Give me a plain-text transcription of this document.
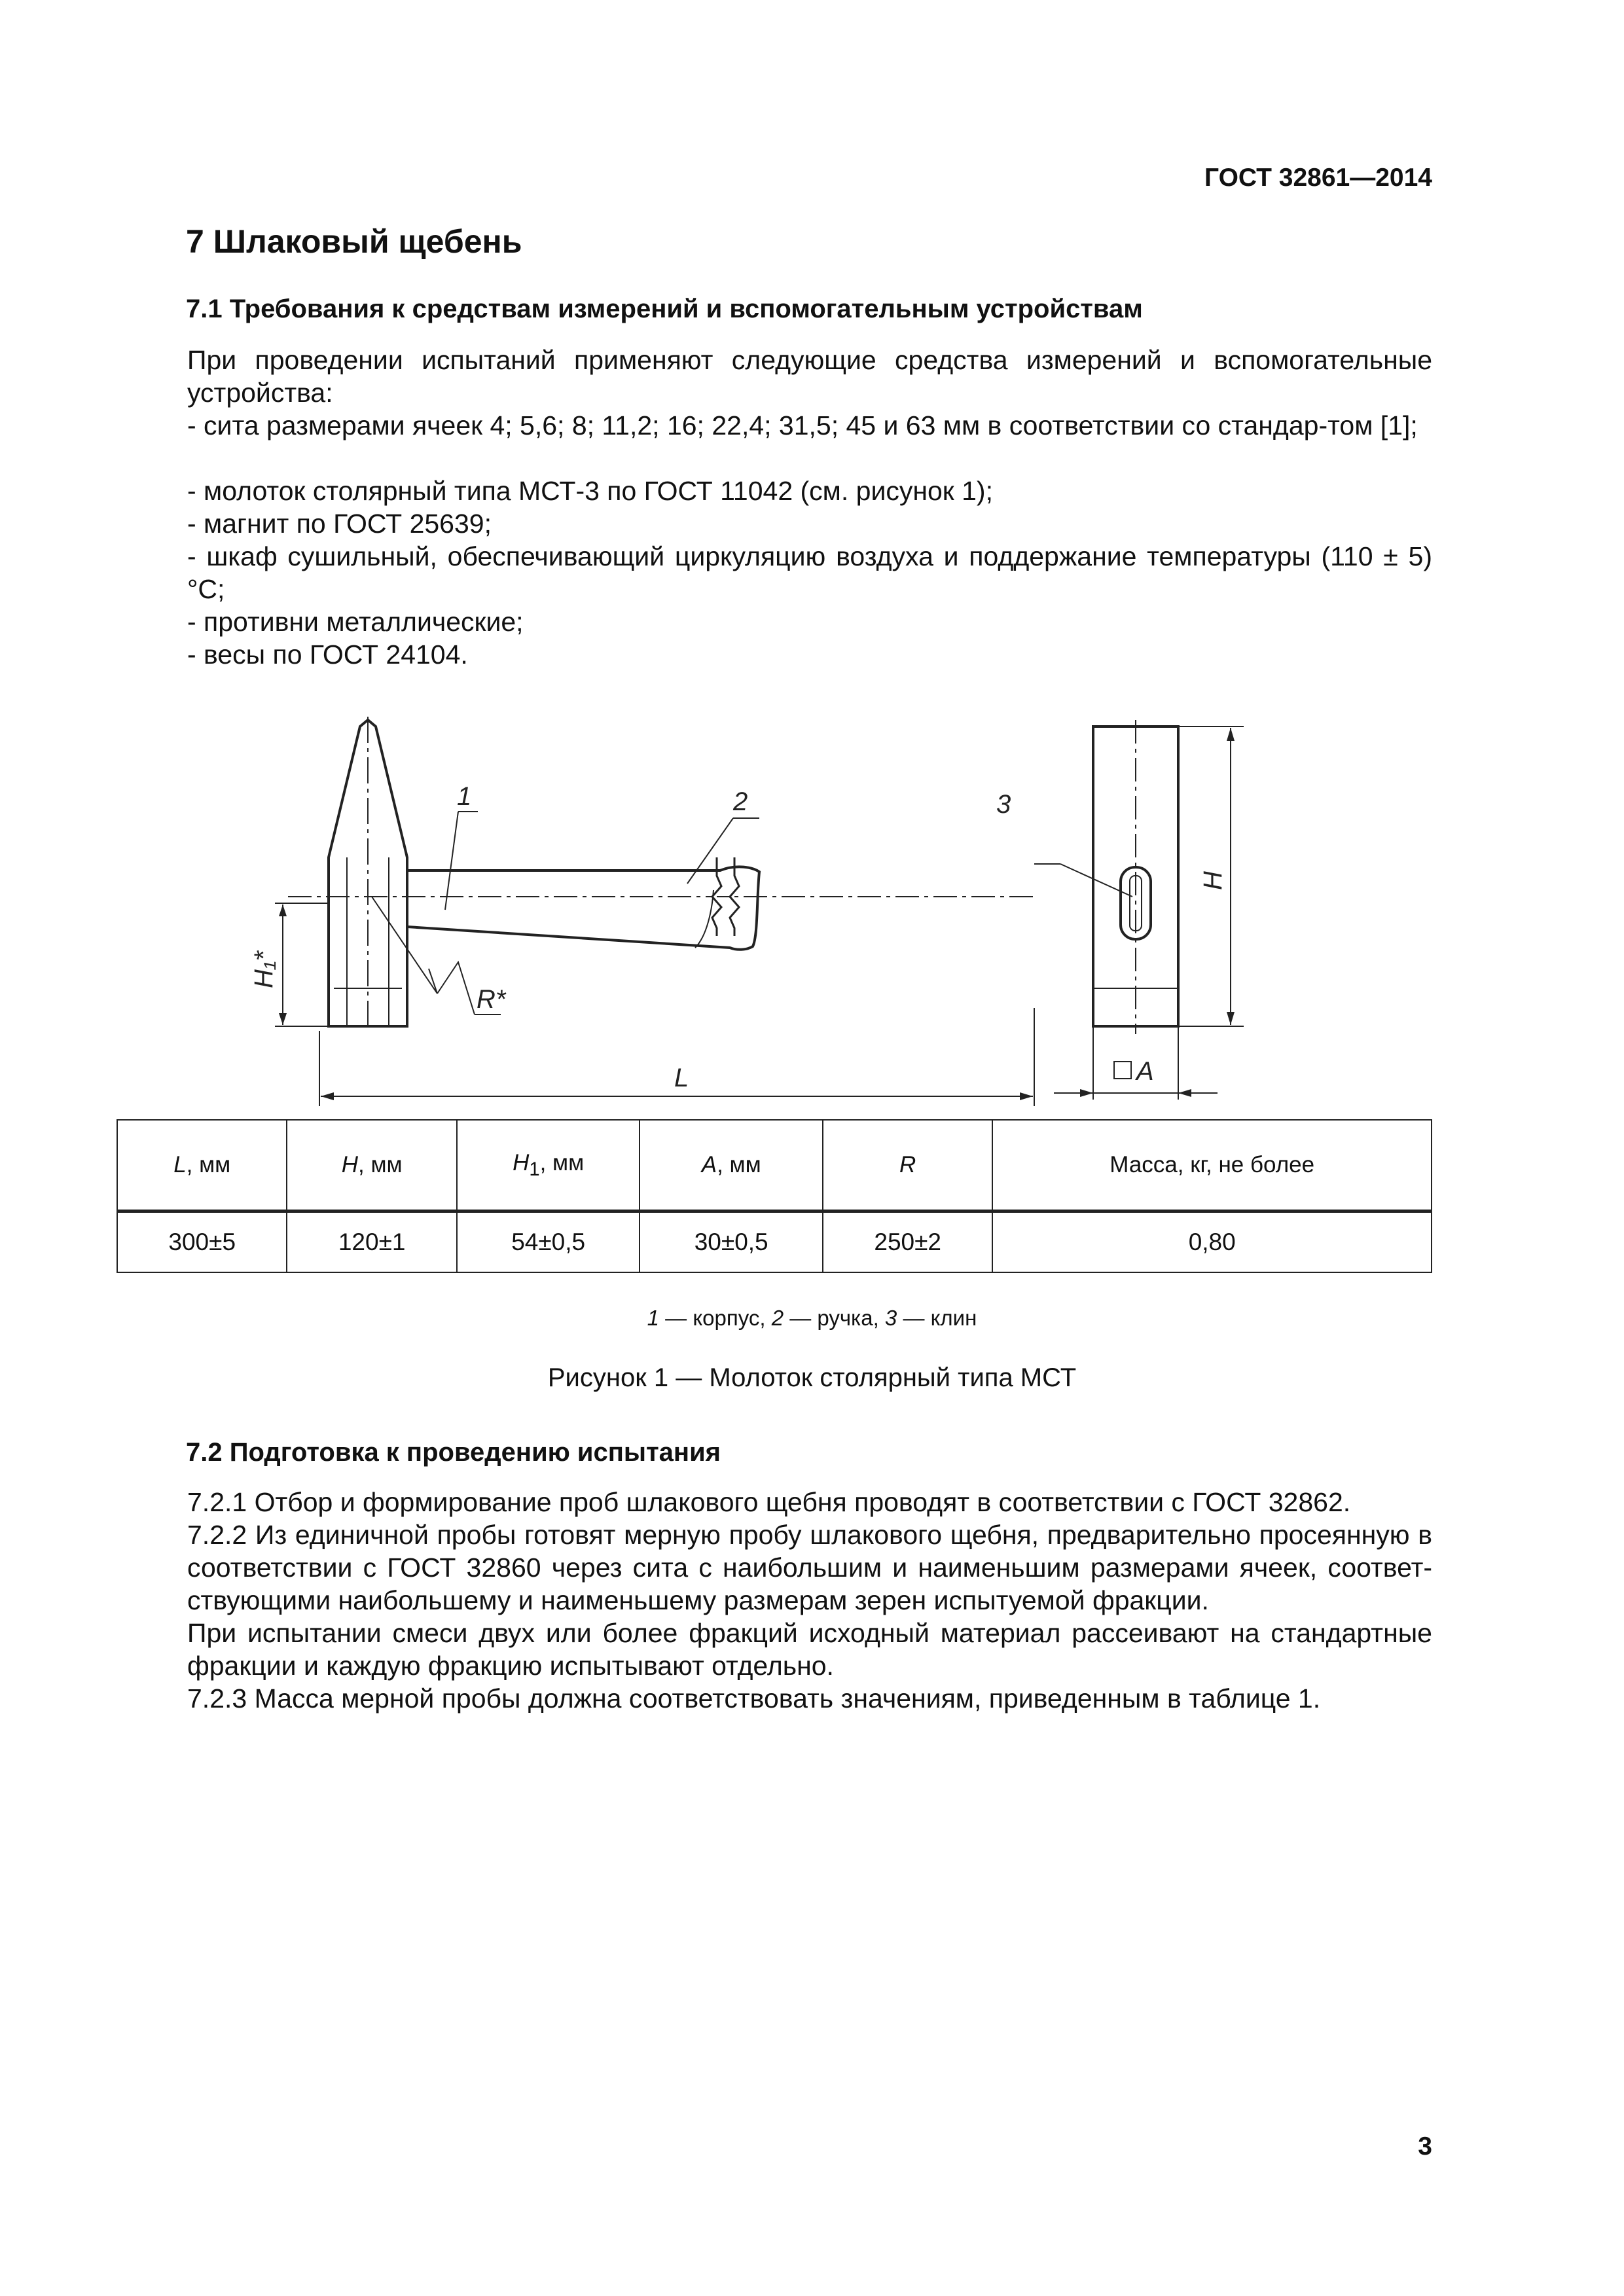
ГОСТ 32861—2014
7 Шлаковый щебень
7.1 Требования к средствам измерений и вспомогательным устройствам
При проведении испытаний применяют следующие средства измерений и вспомогательные устройства:
- сита размерами ячеек 4; 5,6; 8; 11,2; 16; 22,4; 31,5; 45 и 63 мм в соответствии со стандар-том [1];
- молоток столярный типа МСТ-3 по ГОСТ 11042 (см. рисунок 1);
- магнит по ГОСТ 25639;
- шкаф сушильный, обеспечивающий циркуляцию воздуха и поддержание температуры (110 ± 5) °С;
- противни металлические;
- весы по ГОСТ 24104.
1	2	3
L
R*
A
H₁*
H
L, мм	H, мм	$H_1$, мм	A, мм	R	Масса, кг, не более
300±5	120±1	54±0,5	30±0,5	250±2	0,80
1 — корпус, 2 — ручка, 3 — клин
Рисунок 1 — Молоток столярный типа МСТ
7.2 Подготовка к проведению испытания
7.2.1 Отбор и формирование проб шлакового щебня проводят в соответствии с ГОСТ 32862.
7.2.2 Из единичной пробы готовят мерную пробу шлакового щебня, предварительно просеянную в соответствии с ГОСТ 32860 через сита с наибольшим и наименьшим размерами ячеек, соответ-ствующими наибольшему и наименьшему размерам зерен испытуемой фракции.
При испытании смеси двух или более фракций исходный материал рассеивают на стандартные фракции и каждую фракцию испытывают отдельно.
7.2.3 Масса мерной пробы должна соответствовать значениям, приведенным в таблице 1.
3
